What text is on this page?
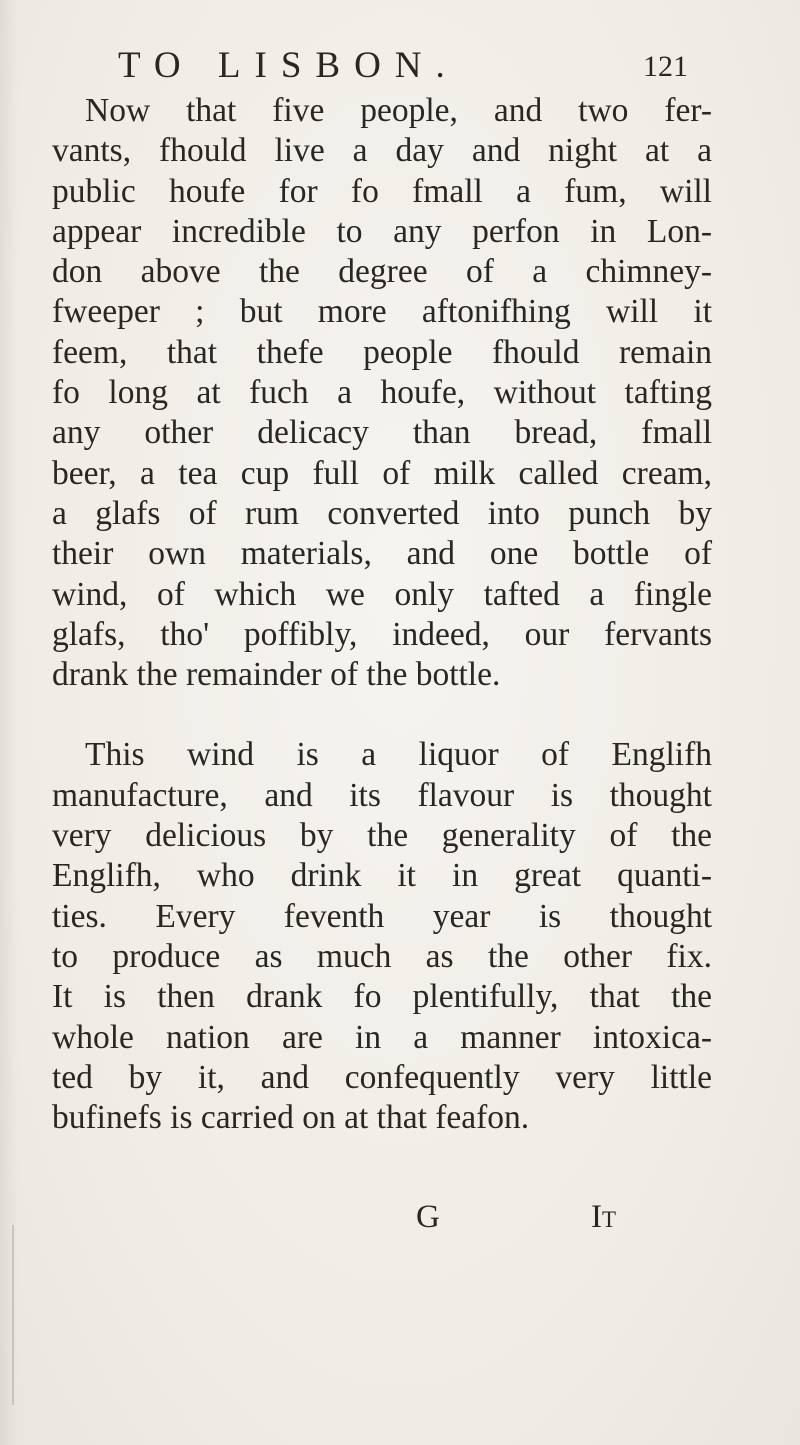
TO LISBON.	121
Now that five people, and two fer-
vants, fhould live a day and night at a
public houfe for fo fmall a fum, will
appear incredible to any perfon in Lon-
don above the degree of a chimney-
fweeper ; but more aftonifhing will it
feem, that thefe people fhould remain
fo long at fuch a houfe, without tafting
any other delicacy than bread, fmall
beer, a tea cup full of milk called cream,
a glafs of rum converted into punch by
their own materials, and one bottle of
wind, of which we only tafted a fingle
glafs, tho' poffibly, indeed, our fervants
drank the remainder of the bottle.
This wind is a liquor of Englifh
manufacture, and its flavour is thought
very delicious by the generality of the
Englifh, who drink it in great quanti-
ties. Every feventh year is thought
to produce as much as the other fix.
It is then drank fo plentifully, that the
whole nation are in a manner intoxica-
ted by it, and confequently very little
bufinefs is carried on at that feafon.
G	It
